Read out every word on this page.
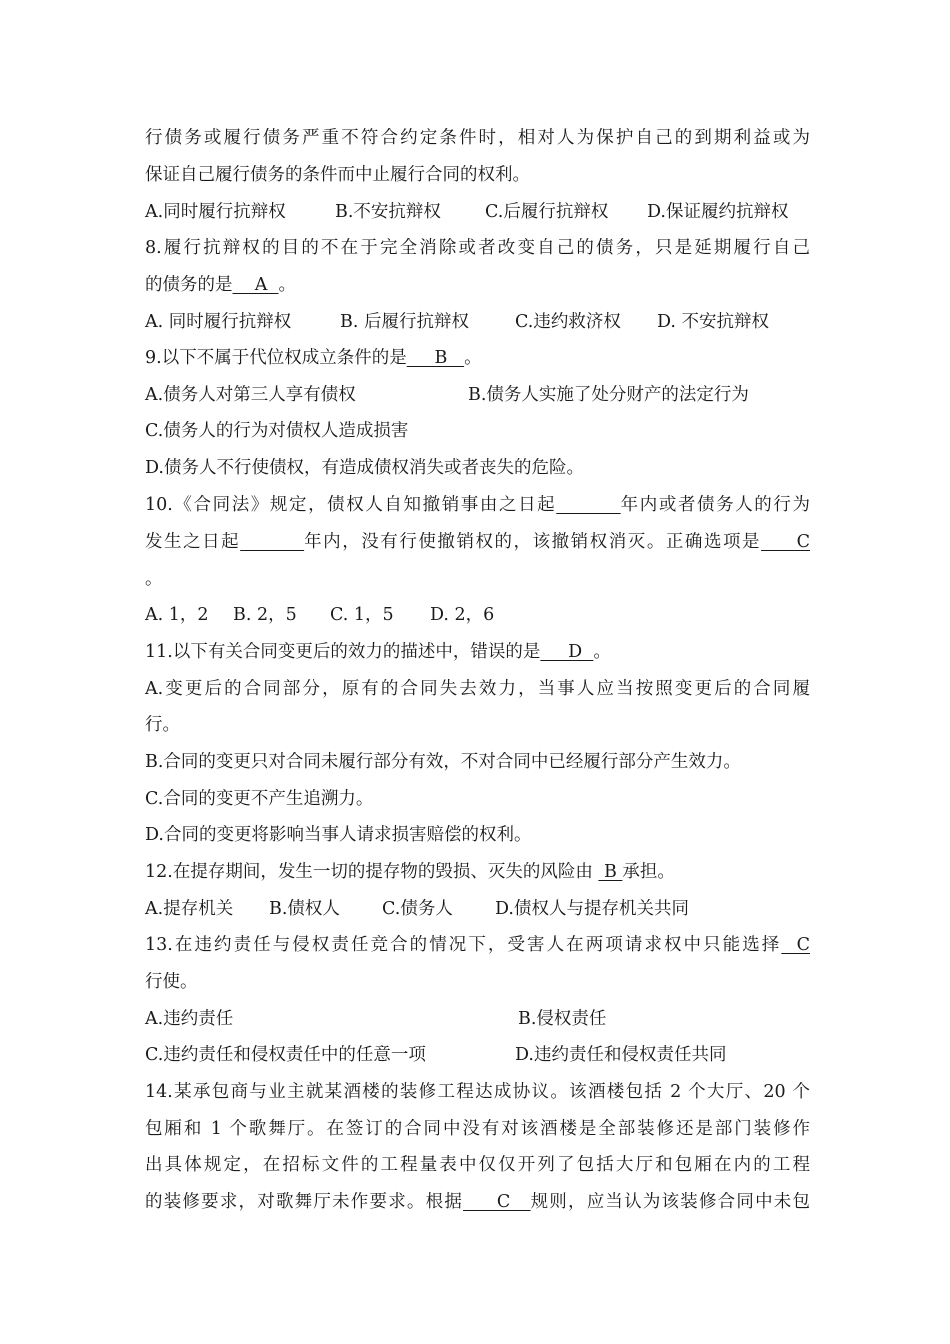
行债务或履行债务严重不符合约定条件时，相对人为保护自己的到期利益或为
保证自己履行债务的条件而中止履行合同的权利。
A.同时履行抗辩权	B.不安抗辩权	C.后履行抗辩权 D.保证履约抗辩权
8.履行抗辩权的目的不在于完全消除或者改变自己的债务，只是延期履行自己
的债务的是    A  。
A. 同时履行抗辩权	B. 后履行抗辩权	C.违约救济权 D. 不安抗辩权
9.以下不属于代位权成立条件的是     B   。
A.债务人对第三人享有债权	B.债务人实施了处分财产的法定行为
C.债务人的行为对债权人造成损害
D.债务人不行使债权，有造成债权消失或者丧失的危险。
10.《合同法》规定，债权人自知撤销事由之日起	年内或者债务人的行为
发生之日起	年内，没有行使撤销权的，该撤销权消灭。正确选项是     C
。
A. 1，2 B. 2，5 C. 1，5 D. 2，6
11.以下有关合同变更后的效力的描述中，错误的是     D  。
A.变更后的合同部分，原有的合同失去效力，当事人应当按照变更后的合同履
行。
B.合同的变更只对合同未履行部分有效，不对合同中已经履行部分产生效力。
C.合同的变更不产生追溯力。
D.合同的变更将影响当事人请求损害赔偿的权利。
12.在提存期间，发生一切的提存物的毁损、灭失的风险由  B 承担。
A.提存机关 B.债权人 C.债务人 D.债权人与提存机关共同
13.在违约责任与侵权责任竞合的情况下，受害人在两项请求权中只能选择  C
行使。
A.违约责任	B.侵权责任
C.违约责任和侵权责任中的任意一项	D.违约责任和侵权责任共同
14.某承包商与业主就某酒楼的装修工程达成协议。该酒楼包括 2 个大厅、20 个
包厢和 1 个歌舞厅。在签订的合同中没有对该酒楼是全部装修还是部门装修作
出具体规定，在招标文件的工程量表中仅仅开列了包括大厅和包厢在内的工程
的装修要求，对歌舞厅未作要求。根据     C   规则，应当认为该装修合同中未包
